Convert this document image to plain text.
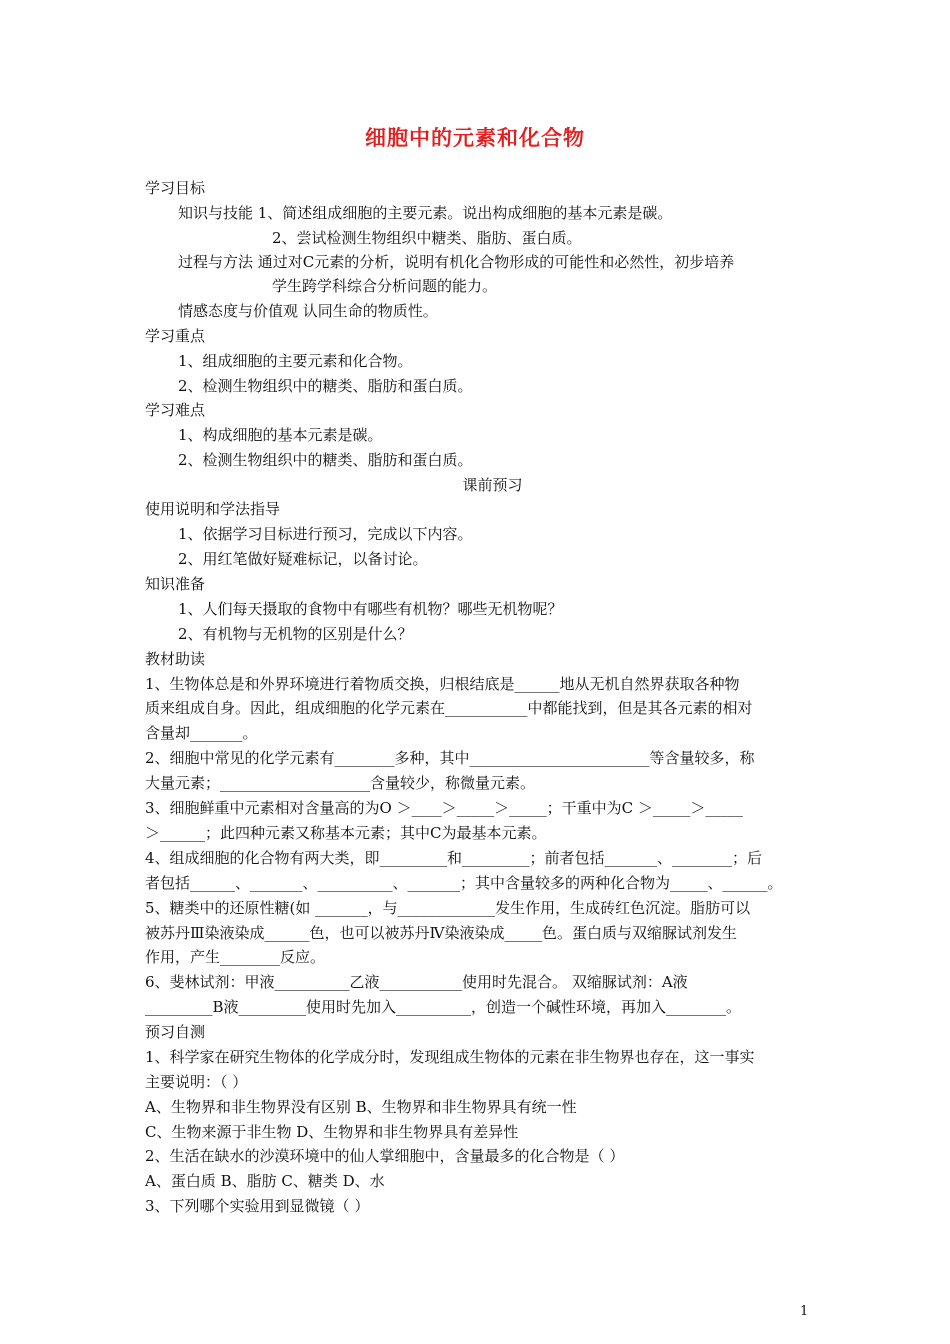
细胞中的元素和化合物
学习目标
知识与技能 1、简述组成细胞的主要元素。说出构成细胞的基本元素是碳。
2、尝试检测生物组织中糖类、脂肪、蛋白质。
过程与方法 通过对C元素的分析，说明有机化合物形成的可能性和必然性，初步培养
学生跨学科综合分析问题的能力。
情感态度与价值观 认同生命的物质性。
学习重点
1、组成细胞的主要元素和化合物。
2、检测生物组织中的糖类、脂肪和蛋白质。
学习难点
1、构成细胞的基本元素是碳。
2、检测生物组织中的糖类、脂肪和蛋白质。
课前预习
使用说明和学法指导
1、依据学习目标进行预习，完成以下内容。
2、用红笔做好疑难标记，以备讨论。
知识准备
1、人们每天摄取的食物中有哪些有机物？哪些无机物呢？
2、有机物与无机物的区别是什么？
教材助读
1、生物体总是和外界环境进行着物质交换，归根结底是______地从无机自然界获取各种物
质来组成自身。因此，组成细胞的化学元素在___________中都能找到，但是其各元素的相对
含量却_______。
2、细胞中常见的化学元素有________多种，其中________________________等含量较多，称
大量元素；____________________含量较少，称微量元素。
3、细胞鲜重中元素相对含量高的为O ＞____＞_____＞_____；干重中为C ＞_____＞_____
＞______；此四种元素又称基本元素；其中C为最基本元素。
4、组成细胞的化合物有两大类，即_________和_________；前者包括_______、________；后
者包括______、_______、__________、_______；其中含量较多的两种化合物为_____、______。
5、糖类中的还原性糖(如 _______，与_____________发生作用，生成砖红色沉淀。脂肪可以
被苏丹Ⅲ染液染成______色，也可以被苏丹Ⅳ染液染成_____色。蛋白质与双缩脲试剂发生
作用，产生________反应。
6、斐林试剂：甲液__________乙液___________使用时先混合。 双缩脲试剂：A液
_________B液_________使用时先加入__________，创造一个碱性环境，再加入________。
预习自测
1、科学家在研究生物体的化学成分时，发现组成生物体的元素在非生物界也存在，这一事实
主要说明：（ ）
A、生物界和非生物界没有区别 B、生物界和非生物界具有统一性
C、生物来源于非生物 D、生物界和非生物界具有差异性
2、生活在缺水的沙漠环境中的仙人掌细胞中，含量最多的化合物是（ ）
A、蛋白质 B、脂肪 C、糖类 D、水
3、下列哪个实验用到显微镜（ ）
1
